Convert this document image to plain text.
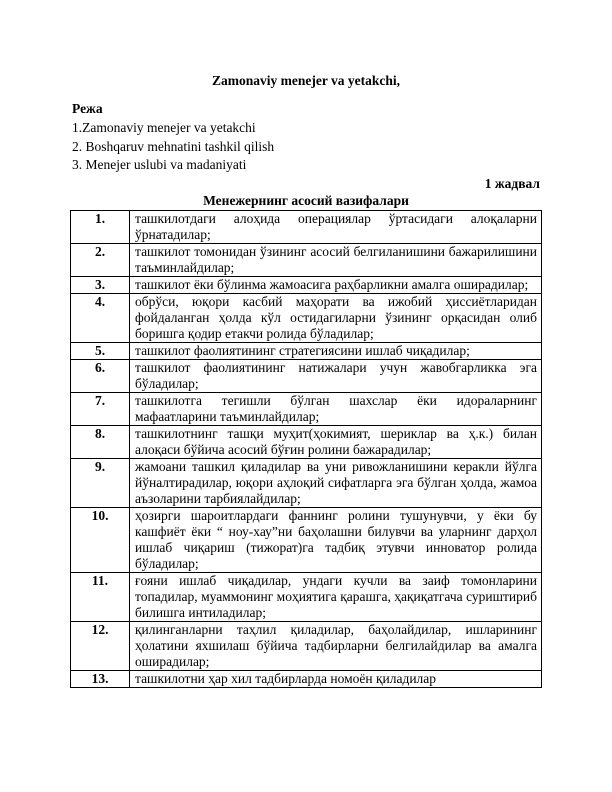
Zamonaviy menejer va yetakchi,
Режа
1.Zamonaviy menejer va yetakchi
2. Boshqaruv mehnatini tashkil qilish
3. Menejer uslubi va madaniyati
1 жадвал
Менежернинг асосий вазифалари
1.	ташкилотдаги алоҳида операциялар ўртасидаги алоқаларни ўрнатадилар;
2.	ташкилот томонидан ўзининг асосий белгиланишини бажарилишини таъминлайдилар;
3.	ташкилот ёки бўлинма жамоасига раҳбарликни амалга оширадилар;
4.	обрўси, юқори касбий маҳорати ва ижобий ҳиссиётларидан фойдаланган ҳолда кўл остидагиларни ўзининг орқасидан олиб боришга қодир етакчи ролида бўладилар;
5.	ташкилот фаолиятининг стратегиясини ишлаб чиқадилар;
6.	ташкилот фаолиятининг натижалари учун жавобгарликка эга бўладилар;
7.	ташкилотга тегишли бўлган шахслар ёки идораларнинг мафаатларини таъминлайдилар;
8.	ташкилотнинг ташқи муҳит(ҳокимият, шериклар ва ҳ.к.) билан алоқаси бўйича асосий бўғин ролини бажарадилар;
9.	жамоани ташкил қиладилар ва уни ривожланишини керакли йўлга йўналтирадилар, юқори аҳлоқий сифатларга эга бўлган ҳолда, жамоа аъзоларини тарбиялайдилар;
10.	ҳозирги шароитлардаги фаннинг ролини тушунувчи, у ёки бу кашфиёт ёки “ ноу-хау”ни баҳолашни билувчи ва уларнинг дарҳол ишлаб чиқариш (тижорат)га тадбиқ этувчи инноватор ролида бўладилар;
11.	ғояни ишлаб чиқадилар, ундаги кучли ва заиф томонларини топадилар, муаммонинг моҳиятига қарашга, ҳақиқатгача суриштириб билишга интиладилар;
12.	қилинганларни таҳлил қиладилар, баҳолайдилар, ишларининг ҳолатини яхшилаш бўйича тадбирларни белгилайдилар ва амалга оширадилар;
13.	ташкилотни ҳар хил тадбирларда номоён қиладилар
